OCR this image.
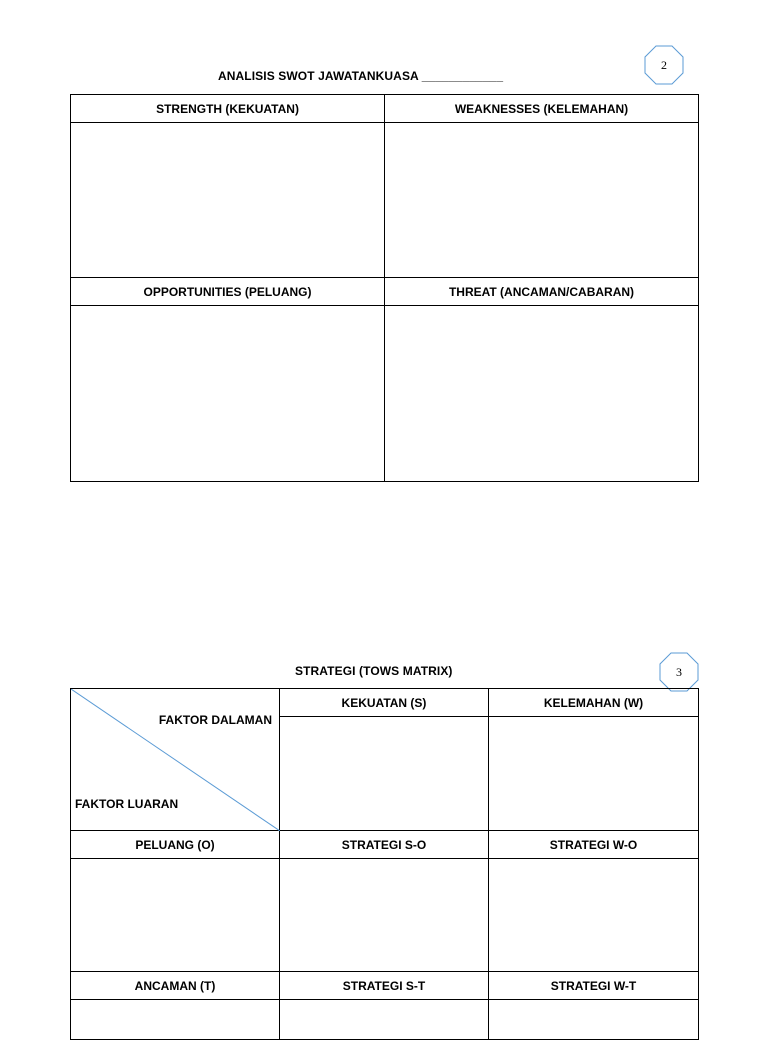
ANALISIS SWOT JAWATANKUASA ____________
2
STRENGTH (KEKUATAN)	WEAKNESSES (KELEMAHAN)

OPPORTUNITIES (PELUANG)	THREAT (ANCAMAN/CABARAN)

STRATEGI (TOWS MATRIX)	3
FAKTOR DALAMAN
FAKTOR LUARAN	KEKUATAN (S)	KELEMAHAN (W)

PELUANG (O)	STRATEGI S-O	STRATEGI W-O

ANCAMAN (T)	STRATEGI S-T	STRATEGI W-T
